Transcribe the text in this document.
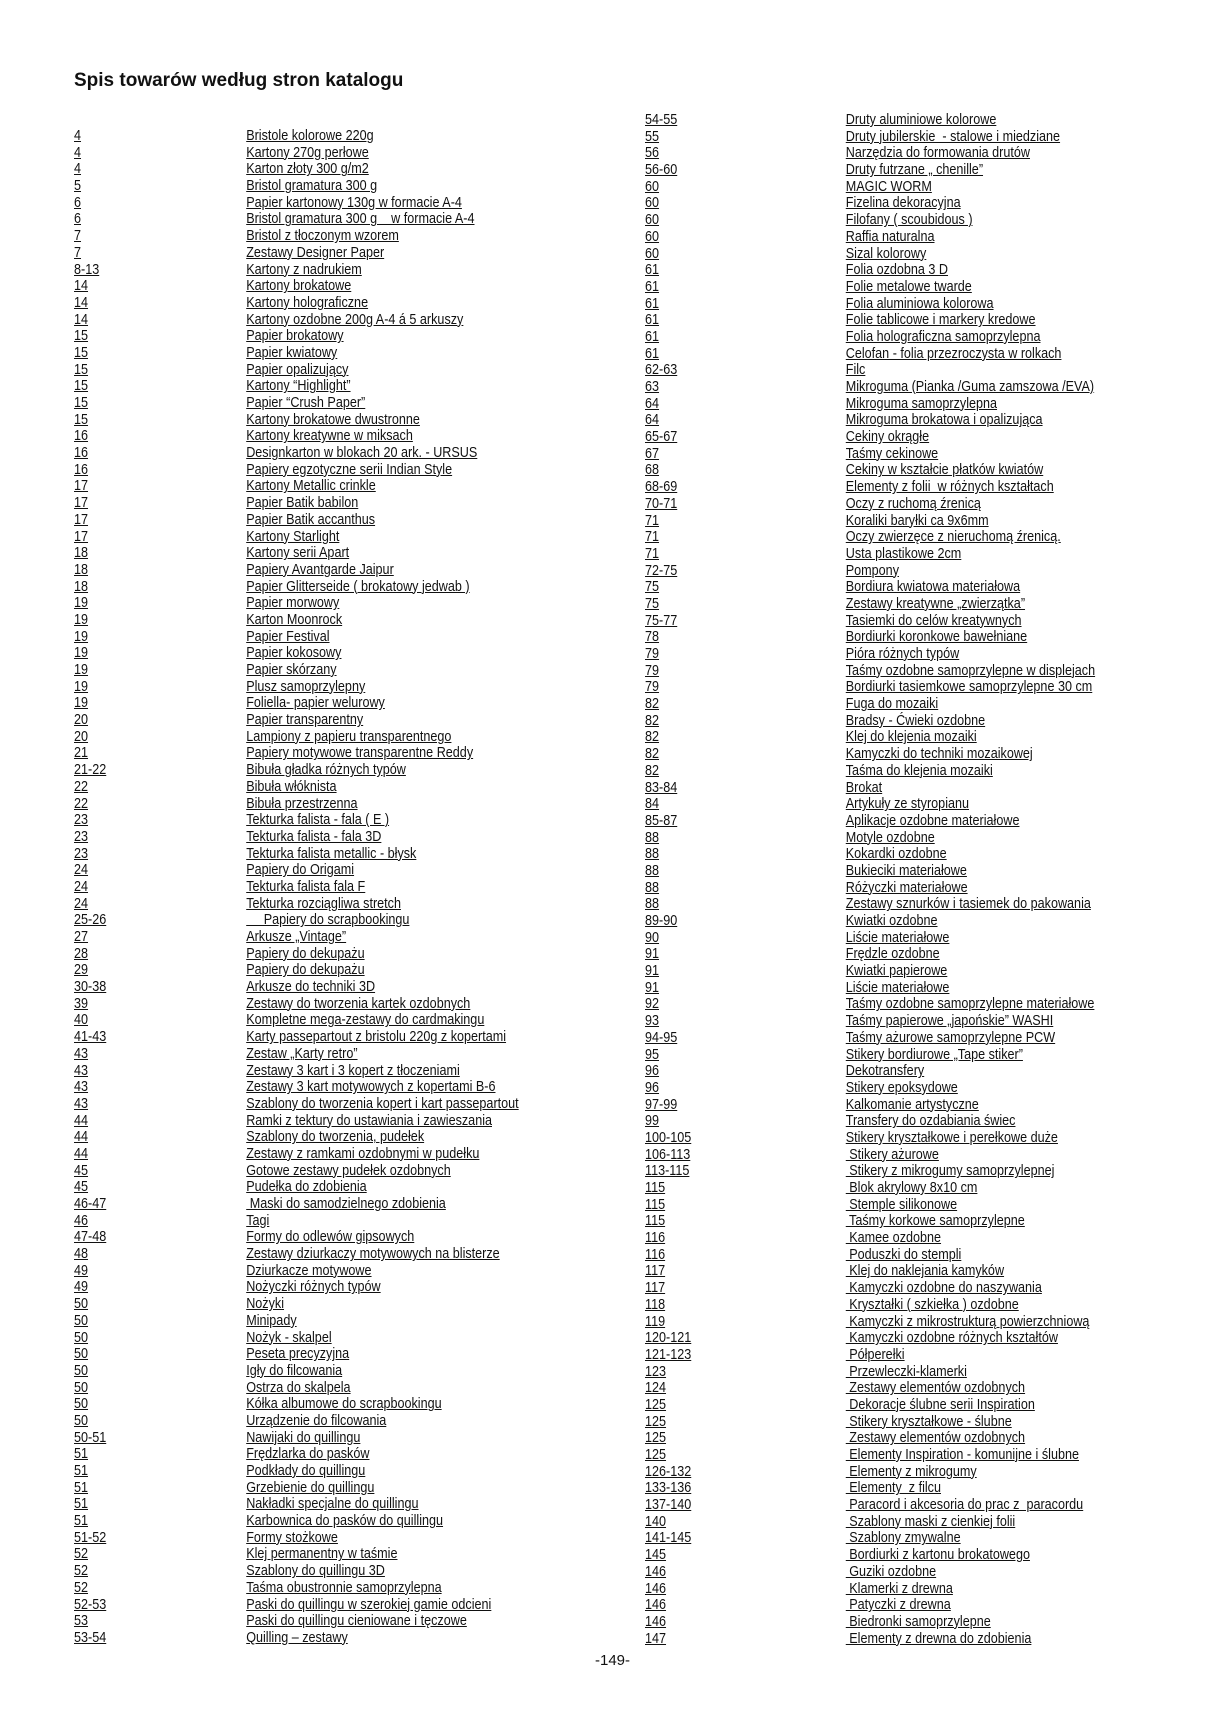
Spis towarów według stron katalogu
4	Bristole kolorowe 220g
4	Kartony 270g perłowe
4	Karton złoty 300 g/m2
5	Bristol gramatura 300 g
6	Papier kartonowy 130g w formacie A-4
6	Bristol gramatura 300 g    w formacie A-4
7	Bristol z tłoczonym wzorem
7	Zestawy Designer Paper
8-13	Kartony z nadrukiem
14	Kartony brokatowe
14	Kartony holograficzne
14	Kartony ozdobne 200g A-4 á 5 arkuszy
15	Papier brokatowy
15	Papier kwiatowy
15	Papier opalizujący
15	Kartony “Highlight”
15	Papier “Crush Paper”
15	Kartony brokatowe dwustronne
16	Kartony kreatywne w miksach
16	Designkarton w blokach 20 ark. - URSUS
16	Papiery egzotyczne serii Indian Style
17	Kartony Metallic crinkle
17	Papier Batik babilon
17	Papier Batik accanthus
17	Kartony Starlight
18	Kartony serii Apart
18	Papiery Avantgarde Jaipur
18	Papier Glitterseide ( brokatowy jedwab )
19	Papier morwowy
19	Karton Moonrock
19	Papier Festival
19	Papier kokosowy
19	Papier skórzany
19	Plusz samoprzylepny
19	Foliella- papier welurowy
20	Papier transparentny
20	Lampiony z papieru transparentnego
21	Papiery motywowe transparentne Reddy
21-22	Bibuła gładka różnych typów
22	Bibuła włóknista
22	Bibuła przestrzenna
23	Tekturka falista - fala ( E )
23	Tekturka falista - fala 3D
23	Tekturka falista metallic - błysk
24	Papiery do Origami
24	Tekturka falista fala F
24	Tekturka rozciągliwa stretch
25-26	Papiery do scrapbookingu
27	Arkusze „Vintage”
28	Papiery do dekupażu
29	Papiery do dekupażu
30-38	Arkusze do techniki 3D
39	Zestawy do tworzenia kartek ozdobnych
40	Kompletne mega-zestawy do cardmakingu
41-43	Karty passepartout z bristolu 220g z kopertami
43	Zestaw „Karty retro”
43	Zestawy 3 kart i 3 kopert z tłoczeniami
43	Zestawy 3 kart motywowych z kopertami B-6
43	Szablony do tworzenia kopert i kart passepartout
44	Ramki z tektury do ustawiania i zawieszania
44	Szablony do tworzenia, pudełek
44	Zestawy z ramkami ozdobnymi w pudełku
45	Gotowe zestawy pudełek ozdobnych
45	Pudełka do zdobienia
46-47	Maski do samodzielnego zdobienia
46	Tagi
47-48	Formy do odlewów gipsowych
48	Zestawy dziurkaczy motywowych na blisterze
49	Dziurkacze motywowe
49	Nożyczki różnych typów
50	Nożyki
50	Minipady
50	Nożyk - skalpel
50	Peseta precyzyjna
50	Igły do filcowania
50	Ostrza do skalpela
50	Kółka albumowe do scrapbookingu
50	Urządzenie do filcowania
50-51	Nawijaki do quillingu
51	Frędzlarka do pasków
51	Podkłady do quillingu
51	Grzebienie do quillingu
51	Nakładki specjalne do quillingu
51	Karbownica do pasków do quillingu
51-52	Formy stożkowe
52	Klej permanentny w taśmie
52	Szablony do quillingu 3D
52	Taśma obustronnie samoprzylepna
52-53	Paski do quillingu w szerokiej gamie odcieni
53	Paski do quillingu cieniowane i tęczowe
53-54	Quilling – zestawy
54-55	Druty aluminiowe kolorowe
55	Druty jubilerskie  - stalowe i miedziane
56	Narzędzia do formowania drutów
56-60	Druty futrzane „ chenille”
60	MAGIC WORM
60	Fizelina dekoracyjna
60	Filofany ( scoubidous )
60	Raffia naturalna
60	Sizal kolorowy
61	Folia ozdobna 3 D
61	Folie metalowe twarde
61	Folia aluminiowa kolorowa
61	Folie tablicowe i markery kredowe
61	Folia holograficzna samoprzylepna
61	Celofan - folia przezroczysta w rolkach
62-63	Filc
63	Mikroguma (Pianka /Guma zamszowa /EVA)
64	Mikroguma samoprzylepna
64	Mikroguma brokatowa i opalizująca
65-67	Cekiny okrągłe
67	Taśmy cekinowe
68	Cekiny w kształcie płatków kwiatów
68-69	Elementy z folii  w różnych kształtach
70-71	Oczy z ruchomą źrenicą
71	Koraliki baryłki ca 9x6mm
71	Oczy zwierzęce z nieruchomą źrenicą.
71	Usta plastikowe 2cm
72-75	Pompony
75	Bordiura kwiatowa materiałowa
75	Zestawy kreatywne „zwierzątka”
75-77	Tasiemki do celów kreatywnych
78	Bordiurki koronkowe bawełniane
79	Pióra różnych typów
79	Taśmy ozdobne samoprzylepne w displejach
79	Bordiurki tasiemkowe samoprzylepne 30 cm
82	Fuga do mozaiki
82	Bradsy - Ćwieki ozdobne
82	Klej do klejenia mozaiki
82	Kamyczki do techniki mozaikowej
82	Taśma do klejenia mozaiki
83-84	Brokat
84	Artykuły ze styropianu
85-87	Aplikacje ozdobne materiałowe
88	Motyle ozdobne
88	Kokardki ozdobne
88	Bukieciki materiałowe
88	Różyczki materiałowe
88	Zestawy sznurków i tasiemek do pakowania
89-90	Kwiatki ozdobne
90	Liście materiałowe
91	Frędzle ozdobne
91	Kwiatki papierowe
91	Liście materiałowe
92	Taśmy ozdobne samoprzylepne materiałowe
93	Taśmy papierowe „japońskie” WASHI
94-95	Taśmy ażurowe samoprzylepne PCW
95	Stikery bordiurowe „Tape stiker”
96	Dekotransfery
96	Stikery epoksydowe
97-99	Kalkomanie artystyczne
99	Transfery do ozdabiania świec
100-105	Stikery kryształkowe i perełkowe duże
106-113	Stikery ażurowe
113-115	Stikery z mikrogumy samoprzylepnej
115	Blok akrylowy 8x10 cm
115	Stemple silikonowe
115	Taśmy korkowe samoprzylepne
116	Kamee ozdobne
116	Poduszki do stempli
117	Klej do naklejania kamyków
117	Kamyczki ozdobne do naszywania
118	Kryształki ( szkiełka ) ozdobne
119	Kamyczki z mikrostrukturą powierzchniową
120-121	Kamyczki ozdobne różnych kształtów
121-123	Półperełki
123	Przewleczki-klamerki
124	Zestawy elementów ozdobnych
125	Dekoracje ślubne serii Inspiration
125	Stikery kryształkowe - ślubne
125	Zestawy elementów ozdobnych
125	Elementy Inspiration - komunijne i ślubne
126-132	Elementy z mikrogumy
133-136	Elementy  z filcu
137-140	Paracord i akcesoria do prac z  paracordu
140	Szablony maski z cienkiej folii
141-145	Szablony zmywalne
145	Bordiurki z kartonu brokatowego
146	Guziki ozdobne
146	Klamerki z drewna
146	Patyczki z drewna
146	Biedronki samoprzylepne
147	Elementy z drewna do zdobienia
-149-
